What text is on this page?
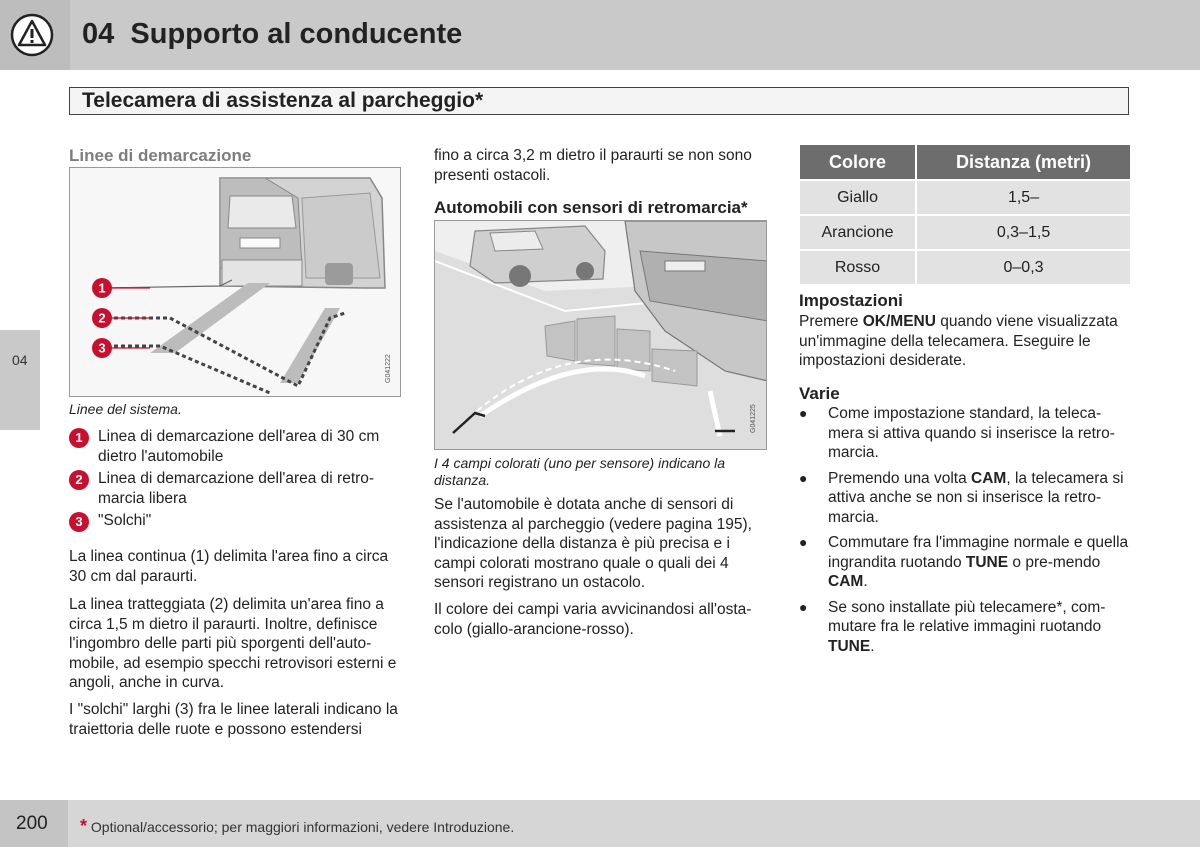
04 Supporto al conducente
Telecamera di assistenza al parcheggio*
04
Linee di demarcazione
1
2
3
G041222
Linee del sistema.
1 Linea di demarcazione dell'area di 30 cm dietro l'automobile
2 Linea di demarcazione dell'area di retro-marcia libera
3 "Solchi"
La linea continua (1) delimita l'area fino a circa 30 cm dal paraurti.
La linea tratteggiata (2) delimita un'area fino a circa 1,5 m dietro il paraurti. Inoltre, definisce l'ingombro delle parti più sporgenti dell'auto-mobile, ad esempio specchi retrovisori esterni e angoli, anche in curva.
I "solchi" larghi (3) fra le linee laterali indicano la traiettoria delle ruote e possono estendersi
fino a circa 3,2 m dietro il paraurti se non sono presenti ostacoli.
Automobili con sensori di retromarcia*
G041225
I 4 campi colorati (uno per sensore) indicano la distanza.
Se l'automobile è dotata anche di sensori di assistenza al parcheggio (vedere pagina 195), l'indicazione della distanza è più precisa e i campi colorati mostrano quale o quali dei 4 sensori registrano un ostacolo.
Il colore dei campi varia avvicinandosi all'osta-colo (giallo-arancione-rosso).
Colore	Distanza (metri)
Giallo	1,5–
Arancione	0,3–1,5
Rosso	0–0,3
Impostazioni
Premere OK/MENU quando viene visualizzata un'immagine della telecamera. Eseguire le impostazioni desiderate.
Varie
● Come impostazione standard, la teleca-mera si attiva quando si inserisce la retro-marcia.
● Premendo una volta CAM, la telecamera si attiva anche se non si inserisce la retro-marcia.
● Commutare fra l'immagine normale e quella ingrandita ruotando TUNE o pre-mendo CAM.
● Se sono installate più telecamere*, com-mutare fra le relative immagini ruotando TUNE.
200 * Optional/accessorio; per maggiori informazioni, vedere Introduzione.
